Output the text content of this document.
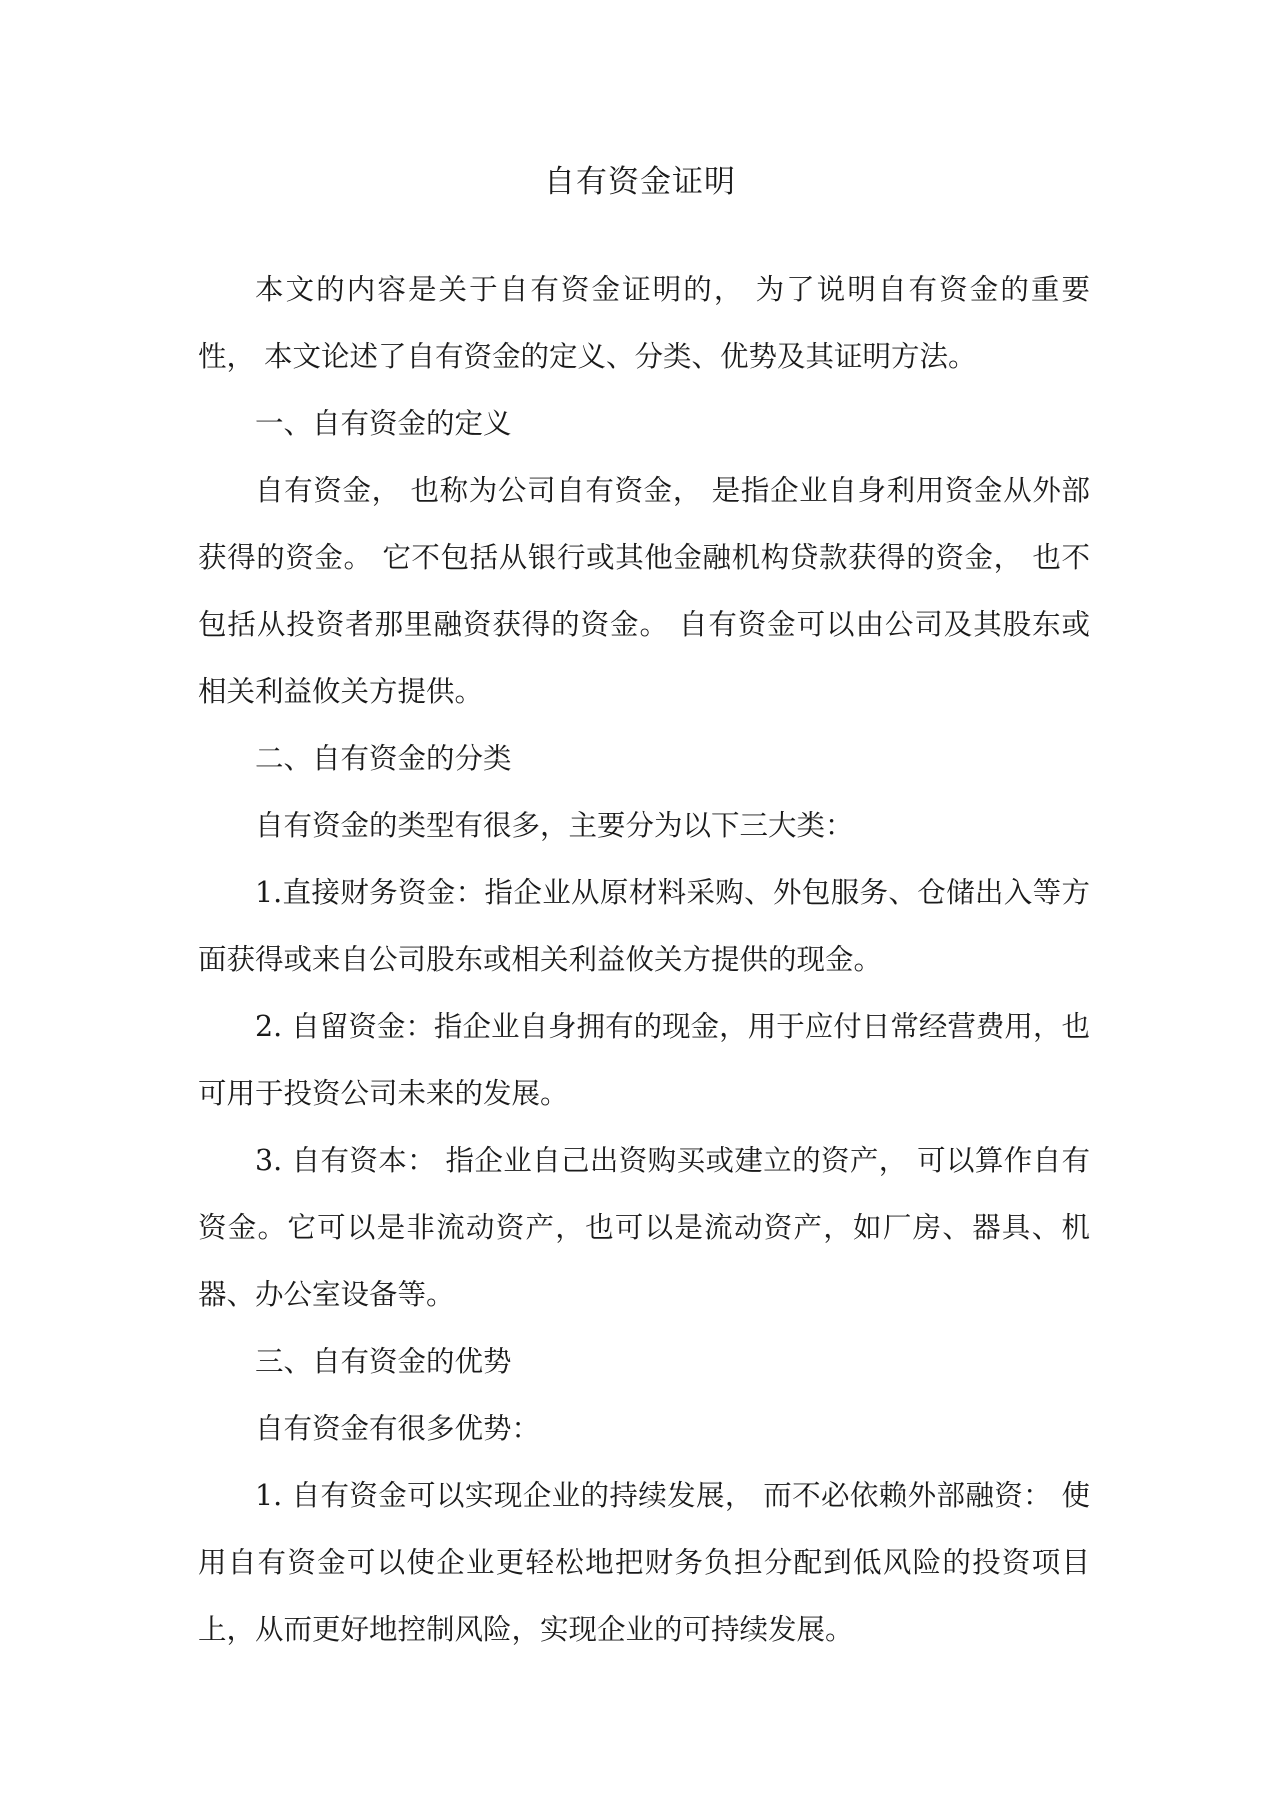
自有资金证明

本文的内容是关于自有资金证明的， 为了说明自有资金的重要性， 本文论述了自有资金的定义、分类、优势及其证明方法。

一、自有资金的定义

自有资金， 也称为公司自有资金， 是指企业自身利用资金从外部获得的资金。 它不包括从银行或其他金融机构贷款获得的资金， 也不包括从投资者那里融资获得的资金。 自有资金可以由公司及其股东或相关利益攸关方提供。

二、自有资金的分类

自有资金的类型有很多，主要分为以下三大类：

1.直接财务资金：指企业从原材料采购、外包服务、仓储出入等方面获得或来自公司股东或相关利益攸关方提供的现金。

2. 自留资金：指企业自身拥有的现金，用于应付日常经营费用，也可用于投资公司未来的发展。

3. 自有资本： 指企业自己出资购买或建立的资产， 可以算作自有资金。它可以是非流动资产，也可以是流动资产，如厂房、器具、机器、办公室设备等。

三、自有资金的优势

自有资金有很多优势：

1. 自有资金可以实现企业的持续发展， 而不必依赖外部融资： 使用自有资金可以使企业更轻松地把财务负担分配到低风险的投资项目上，从而更好地控制风险，实现企业的可持续发展。
